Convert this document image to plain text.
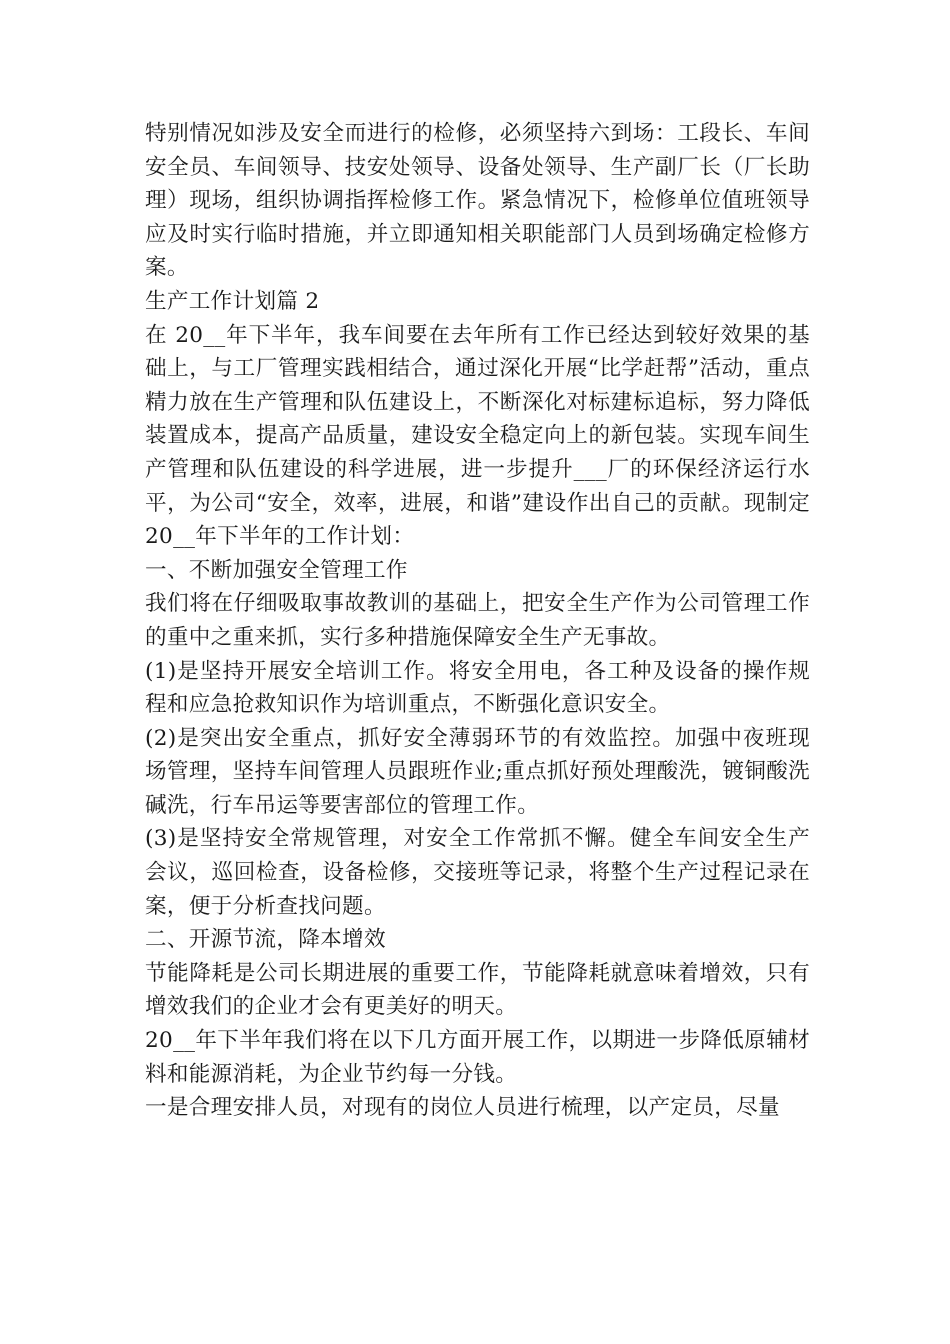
特别情况如涉及安全而进行的检修，必须坚持六到场：工段长、车间安全员、车间领导、技安处领导、设备处领导、生产副厂长（厂长助理）现场，组织协调指挥检修工作。紧急情况下，检修单位值班领导应及时实行临时措施，并立即通知相关职能部门人员到场确定检修方案。

生产工作计划篇 2

在 20__年下半年，我车间要在去年所有工作已经达到较好效果的基础上，与工厂管理实践相结合，通过深化开展“比学赶帮”活动，重点精力放在生产管理和队伍建设上，不断深化对标建标追标，努力降低装置成本，提高产品质量，建设安全稳定向上的新包装。实现车间生产管理和队伍建设的科学进展，进一步提升___厂的环保经济运行水平，为公司“安全，效率，进展，和谐”建设作出自己的贡献。现制定 20__年下半年的工作计划：

一、不断加强安全管理工作

我们将在仔细吸取事故教训的基础上，把安全生产作为公司管理工作的重中之重来抓，实行多种措施保障安全生产无事故。

(1)是坚持开展安全培训工作。将安全用电，各工种及设备的操作规程和应急抢救知识作为培训重点，不断强化意识安全。

(2)是突出安全重点，抓好安全薄弱环节的有效监控。加强中夜班现场管理，坚持车间管理人员跟班作业;重点抓好预处理酸洗，镀铜酸洗碱洗，行车吊运等要害部位的管理工作。

(3)是坚持安全常规管理，对安全工作常抓不懈。健全车间安全生产会议，巡回检查，设备检修，交接班等记录，将整个生产过程记录在案，便于分析查找问题。

二、开源节流，降本增效

节能降耗是公司长期进展的重要工作，节能降耗就意味着增效，只有增效我们的企业才会有更美好的明天。

20__年下半年我们将在以下几方面开展工作，以期进一步降低原辅材料和能源消耗，为企业节约每一分钱。

一是合理安排人员，对现有的岗位人员进行梳理，以产定员，尽量
